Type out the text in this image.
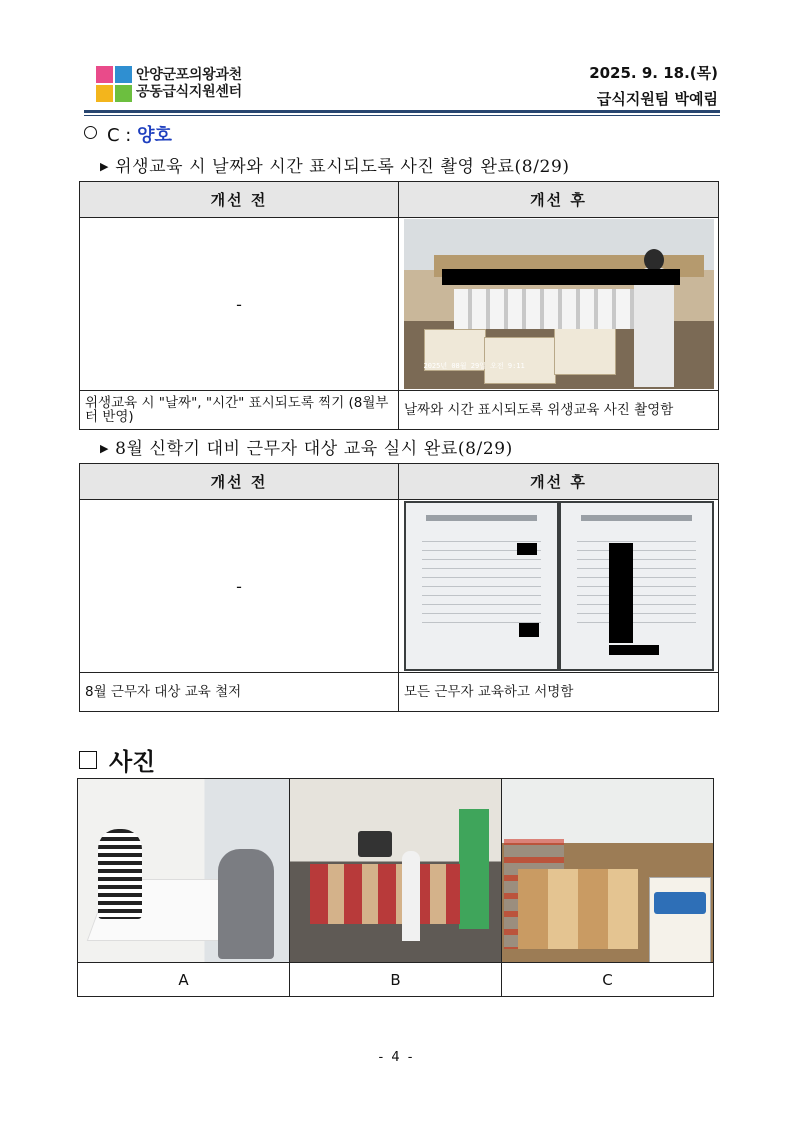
안양군포의왕과천
공동급식지원센터
2025. 9. 18.(목)
급식지원팀 박예림
C : 양호
▶ 위생교육 시 날짜와 시간 표시되도록 사진 촬영 완료(8/29)
개선 전	개선 후
-	2025년 08월 29일 오전 9:11

위생교육 시 "날짜", "시간" 표시되도록 찍기 (8월부터 반영)	날짜와 시간 표시되도록 위생교육 사진 촬영함
▶ 8월 신학기 대비 근무자 대상 교육 실시 완료(8/29)
개선 전	개선 후
-	

8월 근무자 대상 교육 철저	모든 근무자 교육하고 서명함
사진

A	B	C
- 4 -
